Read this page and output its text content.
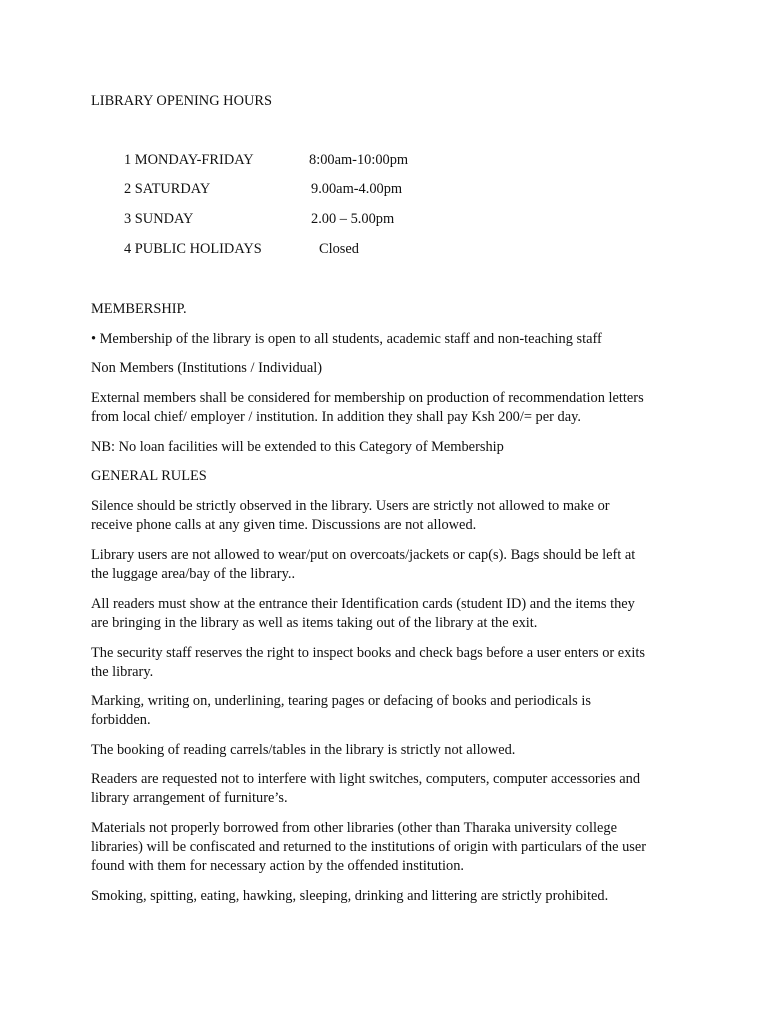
LIBRARY OPENING HOURS
1 MONDAY-FRIDAY	8:00am-10:00pm
2 SATURDAY	9.00am-4.00pm
3 SUNDAY	2.00 – 5.00pm
4 PUBLIC HOLIDAYS	Closed

MEMBERSHIP.

• Membership of the library is open to all students, academic staff and non-teaching staff

Non Members (Institutions / Individual)

External members shall be considered for membership on production of recommendation letters
from local chief/ employer / institution. In addition they shall pay Ksh 200/= per day.

NB: No loan facilities will be extended to this Category of Membership

GENERAL RULES

Silence should be strictly observed in the library. Users are strictly not allowed to make or
receive phone calls at any given time. Discussions are not allowed.

Library users are not allowed to wear/put on overcoats/jackets or cap(s). Bags should be left at
the luggage area/bay of the library..

All readers must show at the entrance their Identification cards (student ID) and the items they
are bringing in the library as well as items taking out of the library at the exit.

The security staff reserves the right to inspect books and check bags before a user enters or exits
the library.

Marking, writing on, underlining, tearing pages or defacing of books and periodicals is
forbidden.

The booking of reading carrels/tables in the library is strictly not allowed.

Readers are requested not to interfere with light switches, computers, computer accessories and
library arrangement of furniture’s.

Materials not properly borrowed from other libraries (other than Tharaka university college
libraries) will be confiscated and returned to the institutions of origin with particulars of the user
found with them for necessary action by the offended institution.

Smoking, spitting, eating, hawking, sleeping, drinking and littering are strictly prohibited.
